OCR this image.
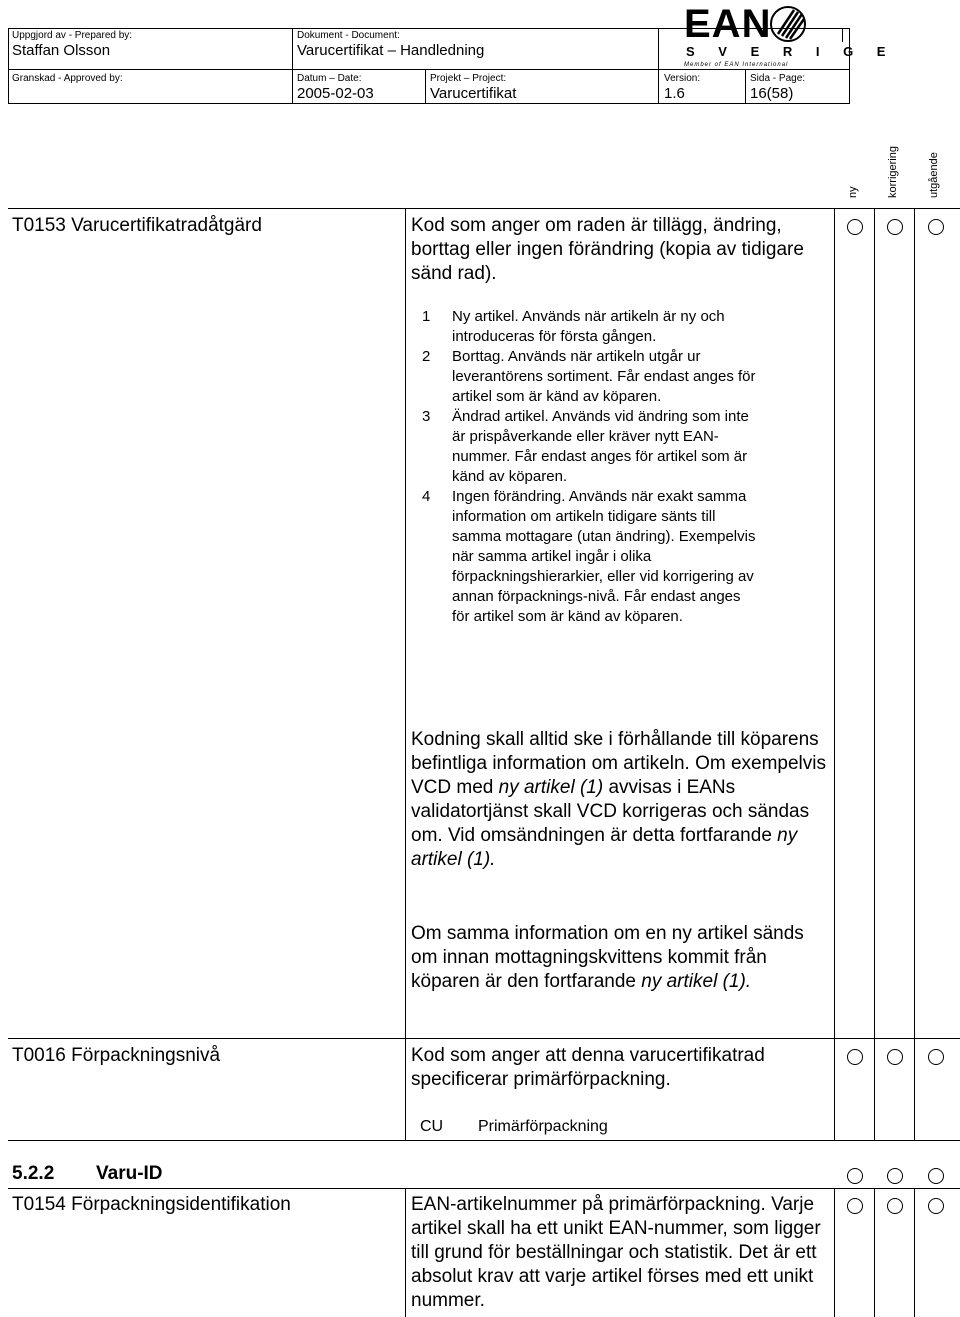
Uppgjord av - Prepared by:
Staffan Olsson
Dokument - Document:
Varucertifikat – Handledning
Granskad - Approved by:	Datum – Date:
2005-02-03
Projekt – Project:
Varucertifikat
Version:
1.6
Sida - Page:
16(58)
EAN
S V E R I G E
Member of EAN International
ny	korrigering	utgående
T0153 Varucertifikatradåtgärd	Kod som anger om raden är tillägg, ändring, borttag eller ingen förändring (kopia av tidigare sänd rad).
1	Ny artikel. Används när artikeln är ny och introduceras för första gången.
2	Borttag. Används när artikeln utgår ur leverantörens sortiment. Får endast anges för artikel som är känd av köparen.
3	Ändrad artikel. Används vid ändring som inte är prispåverkande eller kräver nytt EAN-nummer. Får endast anges för artikel som är känd av köparen.
4	Ingen förändring. Används när exakt samma information om artikeln tidigare sänts till samma mottagare (utan ändring). Exempelvis när samma artikel ingår i olika förpackningshierarkier, eller vid korrigering av annan förpacknings-nivå. Får endast anges för artikel som är känd av köparen.
Kodning skall alltid ske i förhållande till köparens befintliga information om artikeln. Om exempelvis VCD med ny artikel (1) avvisas i EANs validatortjänst skall VCD korrigeras och sändas om. Vid omsändningen är detta fortfarande ny artikel (1).
Om samma information om en ny artikel sänds om innan mottagningskvittens kommit från köparen är den fortfarande ny artikel (1).
T0016 Förpackningsnivå	Kod som anger att denna varucertifikatrad specificerar primärförpackning.
CU Primärförpackning
5.2.2 Varu-ID
T0154 Förpackningsidentifikation	EAN-artikelnummer på primärförpackning. Varje artikel skall ha ett unikt EAN-nummer, som ligger till grund för beställningar och statistik. Det är ett absolut krav att varje artikel förses med ett unikt nummer.
